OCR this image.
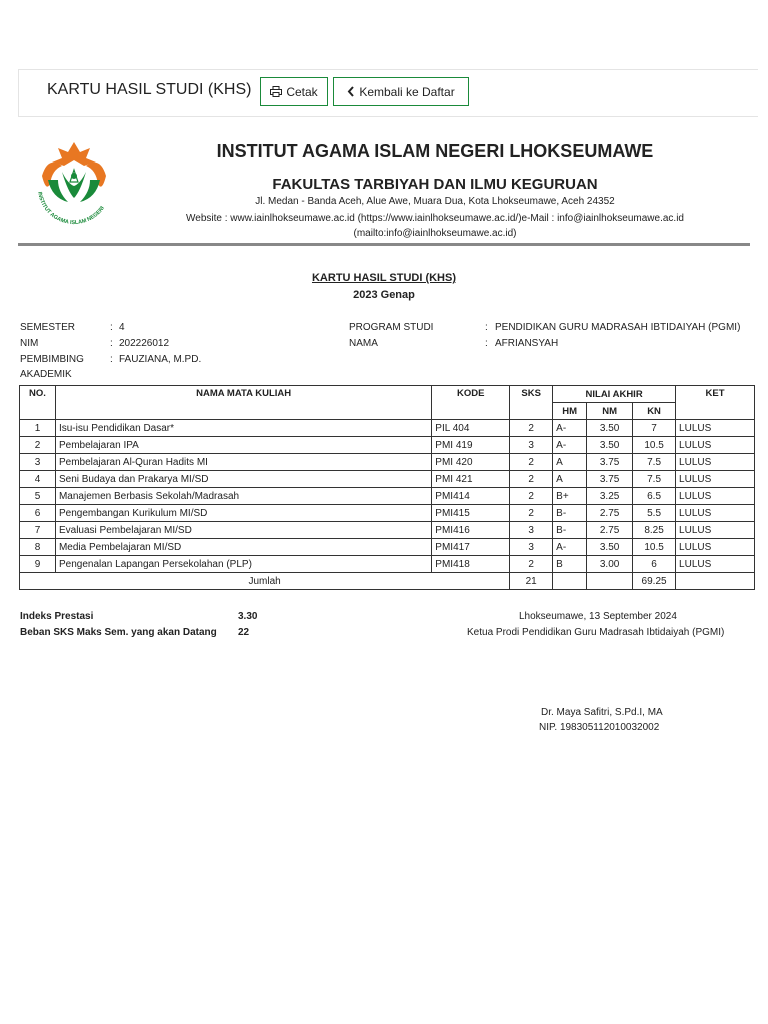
KARTU HASIL STUDI (KHS)	Cetak	Kembali ke Daftar
INSTITUT AGAMA ISLAM NEGERI
INSTITUT AGAMA ISLAM NEGERI LHOKSEUMAWE
FAKULTAS TARBIYAH DAN ILMU KEGURUAN
Jl. Medan - Banda Aceh, Alue Awe, Muara Dua, Kota Lhokseumawe, Aceh 24352
Website : www.iainlhokseumawe.ac.id (https://www.iainlhokseumawe.ac.id/)e-Mail : info@iainlhokseumawe.ac.id
(mailto:info@iainlhokseumawe.ac.id)
KARTU HASIL STUDI (KHS)
2023 Genap
SEMESTER	: 4
NIM	: 202226012
PEMBIMBING
AKADEMIK
: FAUZIANA, M.PD.
PROGRAM STUDI	: PENDIDIKAN GURU MADRASAH IBTIDAIYAH (PGMI)
NAMA	: AFRIANSYAH
NO.	NAMA MATA KULIAH	KODE	SKS	NILAI AKHIR			KET
				HM	NM	KN	
1	Isu-isu Pendidikan Dasar*	PIL 404	2	A-	3.50	7	LULUS
2	Pembelajaran IPA	PMI 419	3	A-	3.50	10.5	LULUS
3	Pembelajaran Al-Quran Hadits MI	PMI 420	2	A	3.75	7.5	LULUS
4	Seni Budaya dan Prakarya MI/SD	PMI 421	2	A	3.75	7.5	LULUS
5	Manajemen Berbasis Sekolah/Madrasah	PMI414	2	B+	3.25	6.5	LULUS
6	Pengembangan Kurikulum MI/SD	PMI415	2	B-	2.75	5.5	LULUS
7	Evaluasi Pembelajaran MI/SD	PMI416	3	B-	2.75	8.25	LULUS
8	Media Pembelajaran MI/SD	PMI417	3	A-	3.50	10.5	LULUS
9	Pengenalan Lapangan Persekolahan (PLP)	PMI418	2	B	3.00	6	LULUS
Jumlah			21			69.25	
Indeks Prestasi	3.30
Beban SKS Maks Sem. yang akan Datang 22
Lhokseumawe, 13 September 2024
Ketua Prodi Pendidikan Guru Madrasah Ibtidaiyah (PGMI)
Dr. Maya Safitri, S.Pd.I, MA
NIP. 198305112010032002
